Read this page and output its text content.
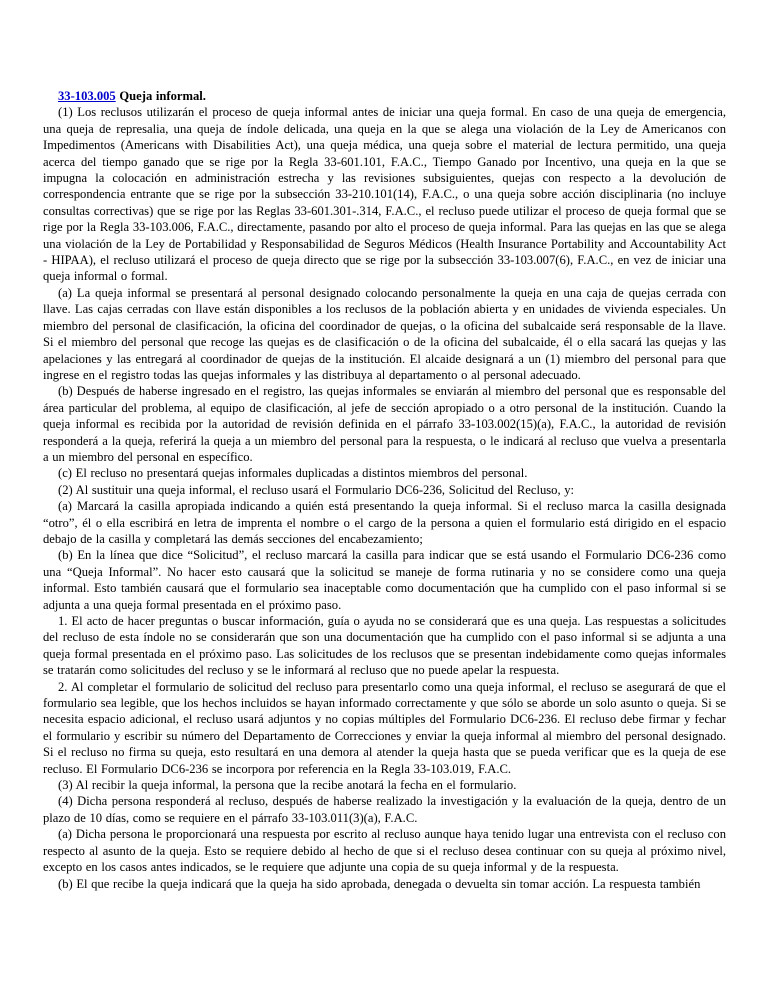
33-103.005 Queja informal.

(1) Los reclusos utilizarán el proceso de queja informal antes de iniciar una queja formal. En caso de una queja de emergencia, una queja de represalia, una queja de índole delicada, una queja en la que se alega una violación de la Ley de Americanos con Impedimentos (Americans with Disabilities Act), una queja médica, una queja sobre el material de lectura permitido, una queja acerca del tiempo ganado que se rige por la Regla 33-601.101, F.A.C., Tiempo Ganado por Incentivo, una queja en la que se impugna la colocación en administración estrecha y las revisiones subsiguientes, quejas con respecto a la devolución de correspondencia entrante que se rige por la subsección 33-210.101(14), F.A.C., o una queja sobre acción disciplinaria (no incluye consultas correctivas) que se rige por las Reglas 33-601.301-.314, F.A.C., el recluso puede utilizar el proceso de queja formal que se rige por la Regla 33-103.006, F.A.C., directamente, pasando por alto el proceso de queja informal. Para las quejas en las que se alega una violación de la Ley de Portabilidad y Responsabilidad de Seguros Médicos (Health Insurance Portability and Accountability Act - HIPAA), el recluso utilizará el proceso de queja directo que se rige por la subsección 33-103.007(6), F.A.C., en vez de iniciar una queja informal o formal.

(a) La queja informal se presentará al personal designado colocando personalmente la queja en una caja de quejas cerrada con llave. Las cajas cerradas con llave están disponibles a los reclusos de la población abierta y en unidades de vivienda especiales. Un miembro del personal de clasificación, la oficina del coordinador de quejas, o la oficina del subalcaide será responsable de la llave. Si el miembro del personal que recoge las quejas es de clasificación o de la oficina del subalcaide, él o ella sacará las quejas y las apelaciones y las entregará al coordinador de quejas de la institución. El alcaide designará a un (1) miembro del personal para que ingrese en el registro todas las quejas informales y las distribuya al departamento o al personal adecuado.

(b) Después de haberse ingresado en el registro, las quejas informales se enviarán al miembro del personal que es responsable del área particular del problema, al equipo de clasificación, al jefe de sección apropiado o a otro personal de la institución. Cuando la queja informal es recibida por la autoridad de revisión definida en el párrafo 33-103.002(15)(a), F.A.C., la autoridad de revisión responderá a la queja, referirá la queja a un miembro del personal para la respuesta, o le indicará al recluso que vuelva a presentarla a un miembro del personal en específico.

(c) El recluso no presentará quejas informales duplicadas a distintos miembros del personal.

(2) Al sustituir una queja informal, el recluso usará el Formulario DC6-236, Solicitud del Recluso, y:

(a) Marcará la casilla apropiada indicando a quién está presentando la queja informal. Si el recluso marca la casilla designada “otro”, él o ella escribirá en letra de imprenta el nombre o el cargo de la persona a quien el formulario está dirigido en el espacio debajo de la casilla y completará las demás secciones del encabezamiento;

(b) En la línea que dice “Solicitud”, el recluso marcará la casilla para indicar que se está usando el Formulario DC6-236 como una “Queja Informal”. No hacer esto causará que la solicitud se maneje de forma rutinaria y no se considere como una queja informal. Esto también causará que el formulario sea inaceptable como documentación que ha cumplido con el paso informal si se adjunta a una queja formal presentada en el próximo paso.

1. El acto de hacer preguntas o buscar información, guía o ayuda no se considerará que es una queja. Las respuestas a solicitudes del recluso de esta índole no se considerarán que son una documentación que ha cumplido con el paso informal si se adjunta a una queja formal presentada en el próximo paso. Las solicitudes de los reclusos que se presentan indebidamente como quejas informales se tratarán como solicitudes del recluso y se le informará al recluso que no puede apelar la respuesta.

2. Al completar el formulario de solicitud del recluso para presentarlo como una queja informal, el recluso se asegurará de que el formulario sea legible, que los hechos incluidos se hayan informado correctamente y que sólo se aborde un solo asunto o queja. Si se necesita espacio adicional, el recluso usará adjuntos y no copias múltiples del Formulario DC6-236. El recluso debe firmar y fechar el formulario y escribir su número del Departamento de Correcciones y enviar la queja informal al miembro del personal designado. Si el recluso no firma su queja, esto resultará en una demora al atender la queja hasta que se pueda verificar que es la queja de ese recluso. El Formulario DC6-236 se incorpora por referencia en la Regla 33-103.019, F.A.C.

(3) Al recibir la queja informal, la persona que la recibe anotará la fecha en el formulario.

(4) Dicha persona responderá al recluso, después de haberse realizado la investigación y la evaluación de la queja, dentro de un plazo de 10 días, como se requiere en el párrafo 33-103.011(3)(a), F.A.C.

(a) Dicha persona le proporcionará una respuesta por escrito al recluso aunque haya tenido lugar una entrevista con el recluso con respecto al asunto de la queja. Esto se requiere debido al hecho de que si el recluso desea continuar con su queja al próximo nivel, excepto en los casos antes indicados, se le requiere que adjunte una copia de su queja informal y de la respuesta.

(b) El que recibe la queja indicará que la queja ha sido aprobada, denegada o devuelta sin tomar acción. La respuesta también
